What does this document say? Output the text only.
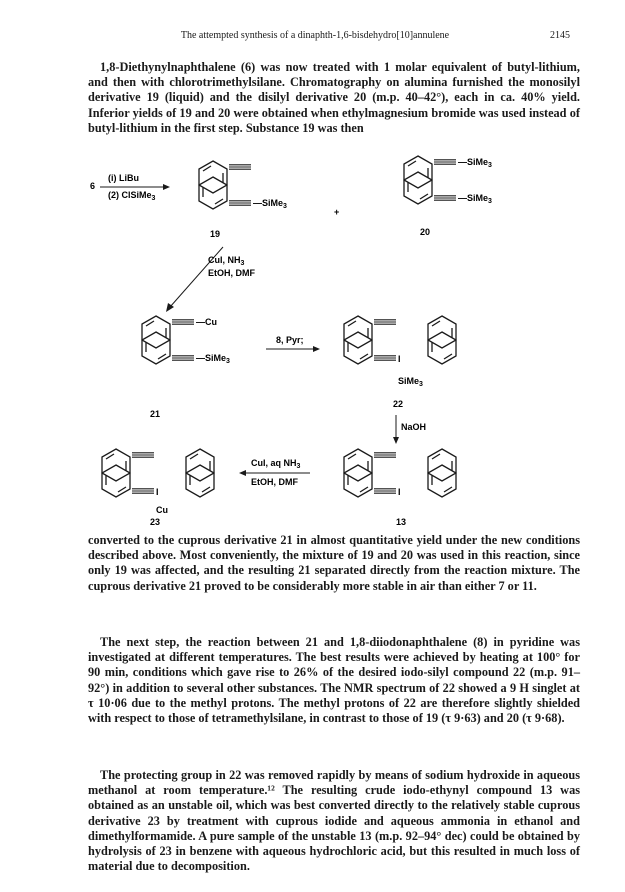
The attempted synthesis of a dinaphth-1,6-bisdehydro[10]annulene	2145
1,8-Diethynylnaphthalene (6) was now treated with 1 molar equivalent of butyl-lithium, and then with chlorotrimethylsilane. Chromatography on alumina furnished the monosilyl derivative 19 (liquid) and the disilyl derivative 20 (m.p. 40–42°), each in ca. 40% yield. Inferior yields of 19 and 20 were obtained when ethylmagnesium bromide was used instead of butyl-lithium in the first step. Substance 19 was then
6
(i) LiBu
(2) ClSiMe$_3$	—SiMe$_3$
19
+
—SiMe$_3$
—SiMe$_3$
20
CuI, $NH_3$
EtOH, DMF
—Cu
—SiMe$_3$
21
8, Pyr;
I
SiMe$_3$
22
NaOH
I
Cu
23
CuI, aq $NH_3$
EtOH, DMF
I
13
converted to the cuprous derivative 21 in almost quantitative yield under the new conditions described above. Most conveniently, the mixture of 19 and 20 was used in this reaction, since only 19 was affected, and the resulting 21 separated directly from the reaction mixture. The cuprous derivative 21 proved to be considerably more stable in air than either 7 or 11.
The next step, the reaction between 21 and 1,8-diiodonaphthalene (8) in pyridine was investigated at different temperatures. The best results were achieved by heating at 100° for 90 min, conditions which gave rise to 26% of the desired iodo-silyl compound 22 (m.p. 91–92°) in addition to several other substances. The NMR spectrum of 22 showed a 9 H singlet at τ 10·06 due to the methyl protons. The methyl protons of 22 are therefore slightly shielded with respect to those of tetramethylsilane, in contrast to those of 19 (τ 9·63) and 20 (τ 9·68).
The protecting group in 22 was removed rapidly by means of sodium hydroxide in aqueous methanol at room temperature.¹² The resulting crude iodo-ethynyl compound 13 was obtained as an unstable oil, which was best converted directly to the relatively stable cuprous derivative 23 by treatment with cuprous iodide and aqueous ammonia in ethanol and dimethylformamide. A pure sample of the unstable 13 (m.p. 92–94° dec) could be obtained by hydrolysis of 23 in benzene with aqueous hydrochloric acid, but this resulted in much loss of material due to decomposition.
